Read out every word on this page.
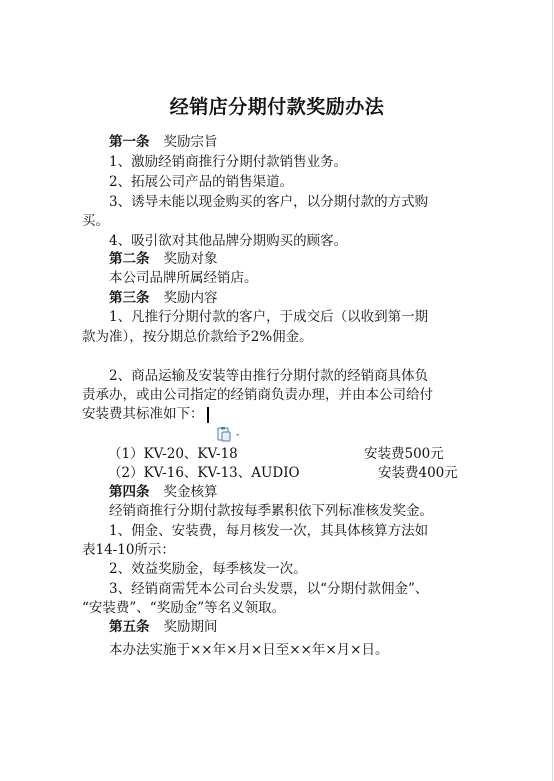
经销店分期付款奖励办法
第一条 奖励宗旨
1、激励经销商推行分期付款销售业务。
2、拓展公司产品的销售渠道。
3、诱导未能以现金购买的客户，以分期付款的方式购
买。
4、吸引欲对其他品牌分期购买的顾客。
第二条 奖励对象
本公司品牌所属经销店。
第三条 奖励内容
1、凡推行分期付款的客户，于成交后（以收到第一期
款为准），按分期总价款给予2%佣金。
2、商品运输及安装等由推行分期付款的经销商具体负
责承办，或由公司指定的经销商负责办理，并由本公司给付
安装费其标准如下：
（1）KV-20、KV-18	安装费500元
（2）KV-16、KV-13、AUDIO	安装费400元
第四条 奖金核算
经销商推行分期付款按每季累积依下列标准核发奖金。
1、佣金、安装费，每月核发一次，其具体核算方法如
表14-10所示：
2、效益奖励金，每季核发一次。
3、经销商需凭本公司台头发票，以“分期付款佣金”、
“安装费”、“奖励金”等名义领取。
第五条 奖励期间
本办法实施于××年×月×日至××年×月×日。
